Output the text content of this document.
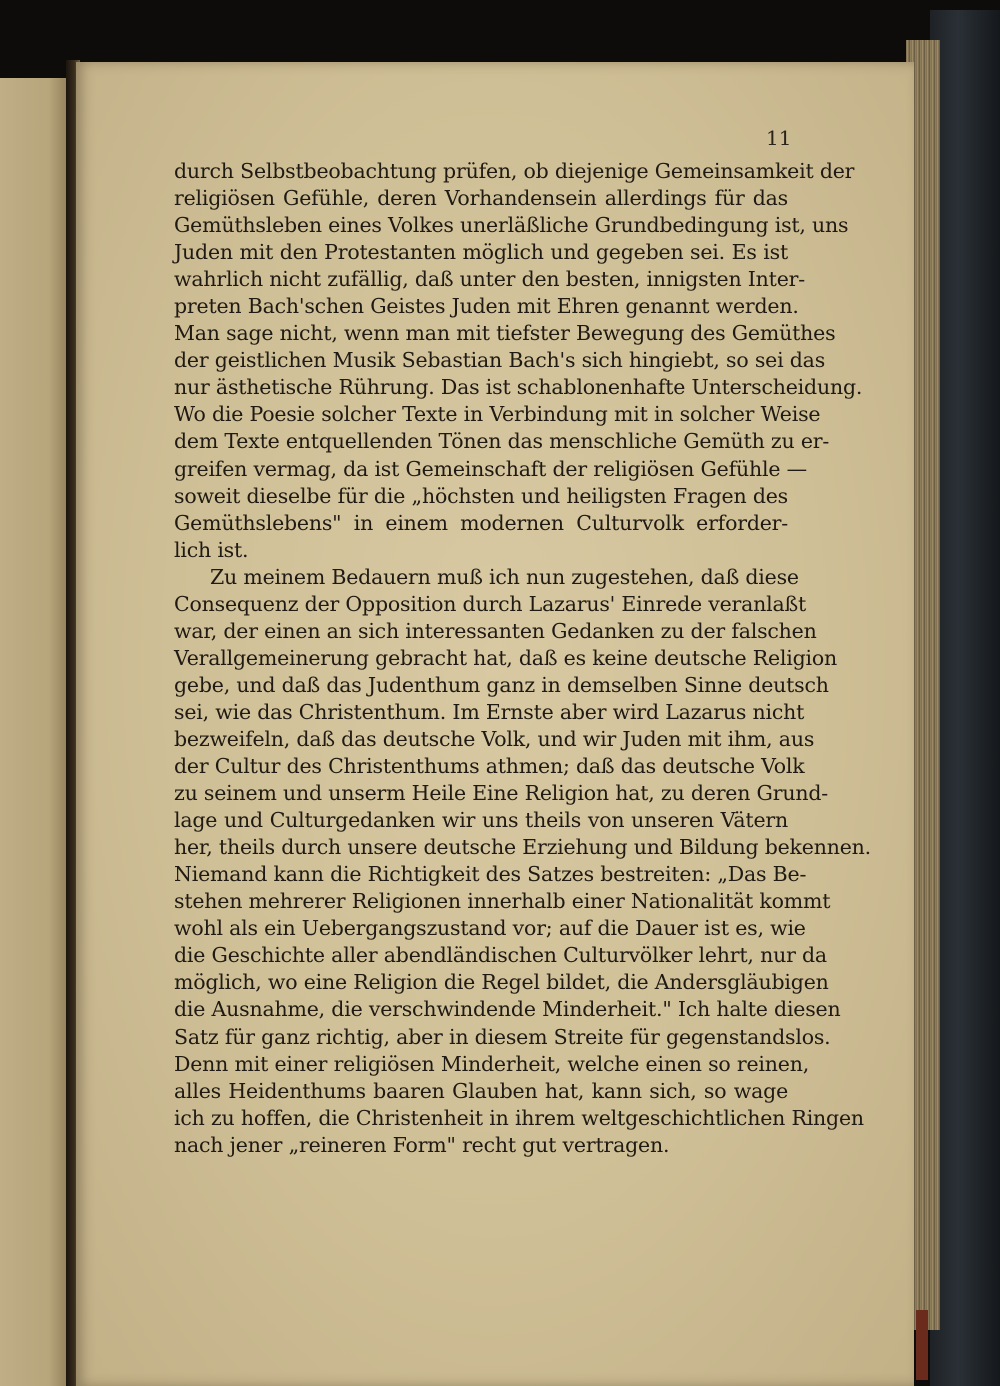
11
durch Selbstbeobachtung prüfen, ob diejenige Gemeinsamkeit der
religiösen Gefühle, deren Vorhandensein allerdings für das
Gemüthsleben eines Volkes unerläßliche Grundbedingung ist, uns
Juden mit den Protestanten möglich und gegeben sei. Es ist
wahrlich nicht zufällig, daß unter den besten, innigsten Inter-
preten Bach'schen Geistes Juden mit Ehren genannt werden.
Man sage nicht, wenn man mit tiefster Bewegung des Gemüthes
der geistlichen Musik Sebastian Bach's sich hingiebt, so sei das
nur ästhetische Rührung. Das ist schablonenhafte Unterscheidung.
Wo die Poesie solcher Texte in Verbindung mit in solcher Weise
dem Texte entquellenden Tönen das menschliche Gemüth zu er-
greifen vermag, da ist Gemeinschaft der religiösen Gefühle —
soweit dieselbe für die „höchsten und heiligsten Fragen des
Gemüthslebens" in einem modernen Culturvolk erforder-
lich ist.
Zu meinem Bedauern muß ich nun zugestehen, daß diese
Consequenz der Opposition durch Lazarus' Einrede veranlaßt
war, der einen an sich interessanten Gedanken zu der falschen
Verallgemeinerung gebracht hat, daß es keine deutsche Religion
gebe, und daß das Judenthum ganz in demselben Sinne deutsch
sei, wie das Christenthum. Im Ernste aber wird Lazarus nicht
bezweifeln, daß das deutsche Volk, und wir Juden mit ihm, aus
der Cultur des Christenthums athmen; daß das deutsche Volk
zu seinem und unserm Heile Eine Religion hat, zu deren Grund-
lage und Culturgedanken wir uns theils von unseren Vätern
her, theils durch unsere deutsche Erziehung und Bildung bekennen.
Niemand kann die Richtigkeit des Satzes bestreiten: „Das Be-
stehen mehrerer Religionen innerhalb einer Nationalität kommt
wohl als ein Uebergangszustand vor; auf die Dauer ist es, wie
die Geschichte aller abendländischen Culturvölker lehrt, nur da
möglich, wo eine Religion die Regel bildet, die Andersgläubigen
die Ausnahme, die verschwindende Minderheit." Ich halte diesen
Satz für ganz richtig, aber in diesem Streite für gegenstandslos.
Denn mit einer religiösen Minderheit, welche einen so reinen,
alles Heidenthums baaren Glauben hat, kann sich, so wage
ich zu hoffen, die Christenheit in ihrem weltgeschichtlichen Ringen
nach jener „reineren Form" recht gut vertragen.
